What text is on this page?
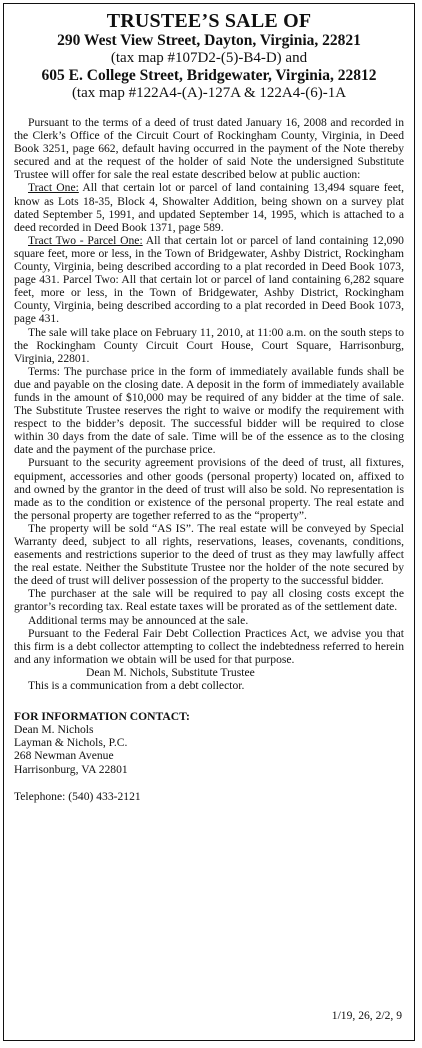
TRUSTEE’S SALE OF
290 West View Street, Dayton, Virginia, 22821
(tax map #107D2-(5)-B4-D) and
605 E. College Street, Bridgewater, Virginia, 22812
(tax map #122A4-(A)-127A & 122A4-(6)-1A

Pursuant to the terms of a deed of trust dated January 16, 2008 and recorded in the Clerk’s Office of the Circuit Court of Rockingham County, Virginia, in Deed Book 3251, page 662, default having occurred in the payment of the Note thereby secured and at the request of the holder of said Note the undersigned Substitute Trustee will offer for sale the real estate described below at public auction:

Tract One: All that certain lot or parcel of land containing 13,494 square feet, know as Lots 18-35, Block 4, Showalter Addition, being shown on a survey plat dated September 5, 1991, and updated September 14, 1995, which is attached to a deed recorded in Deed Book 1371, page 589.

Tract Two - Parcel One: All that certain lot or parcel of land containing 12,090 square feet, more or less, in the Town of Bridgewater, Ashby District, Rockingham County, Virginia, being described according to a plat recorded in Deed Book 1073, page 431. Parcel Two: All that certain lot or parcel of land containing 6,282 square feet, more or less, in the Town of Bridgewater, Ashby District, Rockingham County, Virginia, being described according to a plat recorded in Deed Book 1073, page 431.

The sale will take place on February 11, 2010, at 11:00 a.m. on the south steps to the Rockingham County Circuit Court House, Court Square, Harrisonburg, Virginia, 22801.

Terms: The purchase price in the form of immediately available funds shall be due and payable on the closing date. A deposit in the form of immediately available funds in the amount of $10,000 may be required of any bidder at the time of sale. The Substitute Trustee reserves the right to waive or modify the requirement with respect to the bidder’s deposit. The successful bidder will be required to close within 30 days from the date of sale. Time will be of the essence as to the closing date and the payment of the purchase price.

Pursuant to the security agreement provisions of the deed of trust, all fixtures, equipment, accessories and other goods (personal property) located on, affixed to and owned by the grantor in the deed of trust will also be sold. No representation is made as to the condition or existence of the personal property. The real estate and the personal property are together referred to as the “property”.

The property will be sold “AS IS”. The real estate will be conveyed by Special Warranty deed, subject to all rights, reservations, leases, covenants, conditions, easements and restrictions superior to the deed of trust as they may lawfully affect the real estate. Neither the Substitute Trustee nor the holder of the note secured by the deed of trust will deliver possession of the property to the successful bidder.

The purchaser at the sale will be required to pay all closing costs except the grantor’s recording tax. Real estate taxes will be prorated as of the settlement date.

Additional terms may be announced at the sale.

Pursuant to the Federal Fair Debt Collection Practices Act, we advise you that this firm is a debt collector attempting to collect the indebtedness referred to herein and any information we obtain will be used for that purpose.

Dean M. Nichols, Substitute Trustee

This is a communication from a debt collector.

FOR INFORMATION CONTACT:
Dean M. Nichols
Layman & Nichols, P.C.
268 Newman Avenue
Harrisonburg, VA 22801
Telephone: (540) 433-2121
1/19, 26, 2/2, 9
